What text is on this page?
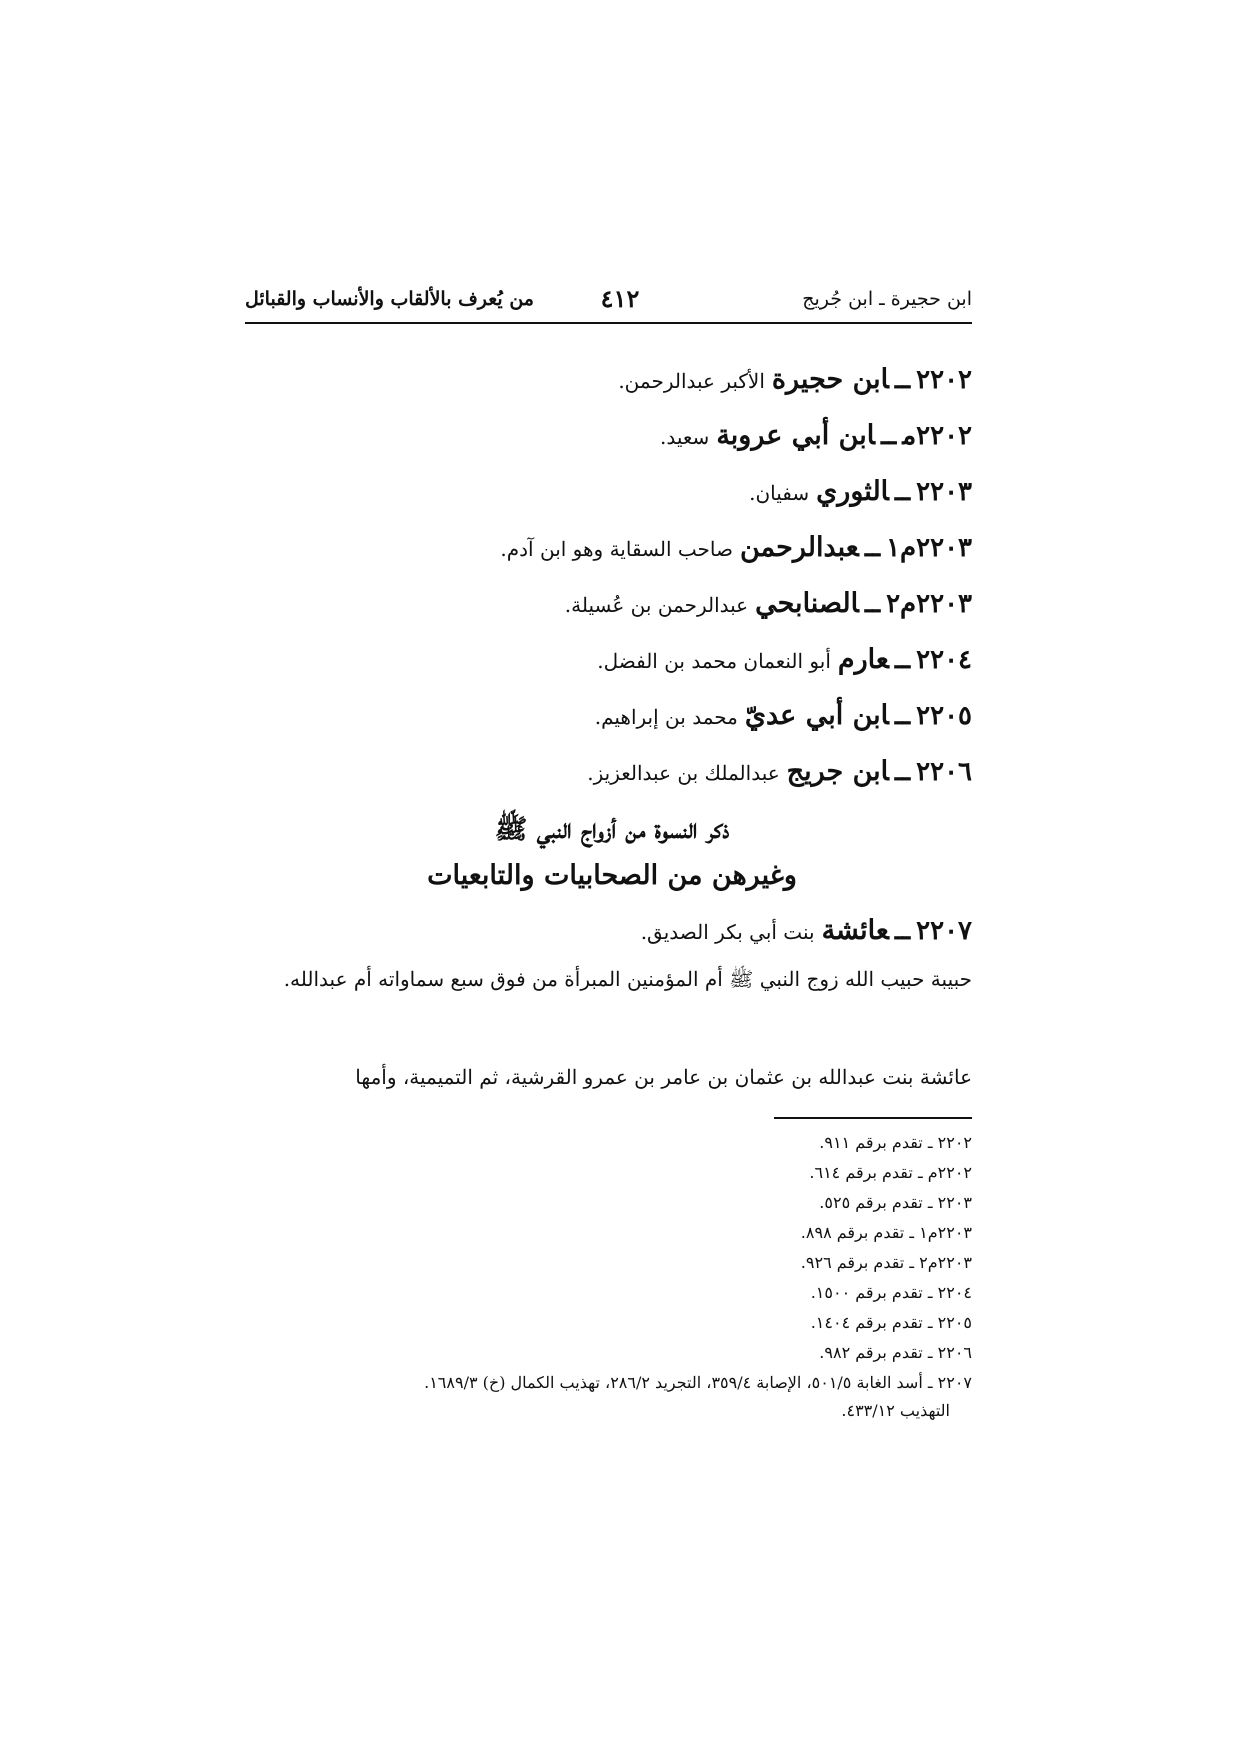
ابن حجيرة ـ ابن جُريج
٤١٢
من يُعرف بالألقاب والأنساب والقبائل
٢٢٠٢ــابن حجيرة الأكبر عبدالرحمن.
٢٢٠٢مــابن أبي عروبة سعيد.
٢٢٠٣ــالثوري سفيان.
٢٢٠٣م١ــعبدالرحمن صاحب السقاية وهو ابن آدم.
٢٢٠٣م٢ــالصنابحي عبدالرحمن بن عُسيلة.
٢٢٠٤ــعارم أبو النعمان محمد بن الفضل.
٢٢٠٥ــابن أبي عديّ محمد بن إبراهيم.
٢٢٠٦ــابن جريج عبدالملك بن عبدالعزيز.
ذكر النسوة من أزواج النبي ﷺ
وغيرهن من الصحابيات والتابعيات
٢٢٠٧ــعائشة بنت أبي بكر الصديق.
حبيبة حبيب الله زوج النبي ﷺ أم المؤمنين المبرأة من فوق سبع سماواته أم عبدالله.
عائشة بنت عبدالله بن عثمان بن عامر بن عمرو القرشية، ثم التميمية، وأمها
٢٢٠٢ ـ تقدم برقم ٩١١.
٢٢٠٢م ـ تقدم برقم ٦١٤.
٢٢٠٣ ـ تقدم برقم ٥٢٥.
٢٢٠٣م١ ـ تقدم برقم ٨٩٨.
٢٢٠٣م٢ ـ تقدم برقم ٩٢٦.
٢٢٠٤ ـ تقدم برقم ١٥٠٠.
٢٢٠٥ ـ تقدم برقم ١٤٠٤.
٢٢٠٦ ـ تقدم برقم ٩٨٢.
٢٢٠٧ ـ أسد الغابة ٥٠١/٥، الإصابة ٣٥٩/٤، التجريد ٢٨٦/٢، تهذيب الكمال (خ) ١٦٨٩/٣.
التهذيب ٤٣٣/١٢.
